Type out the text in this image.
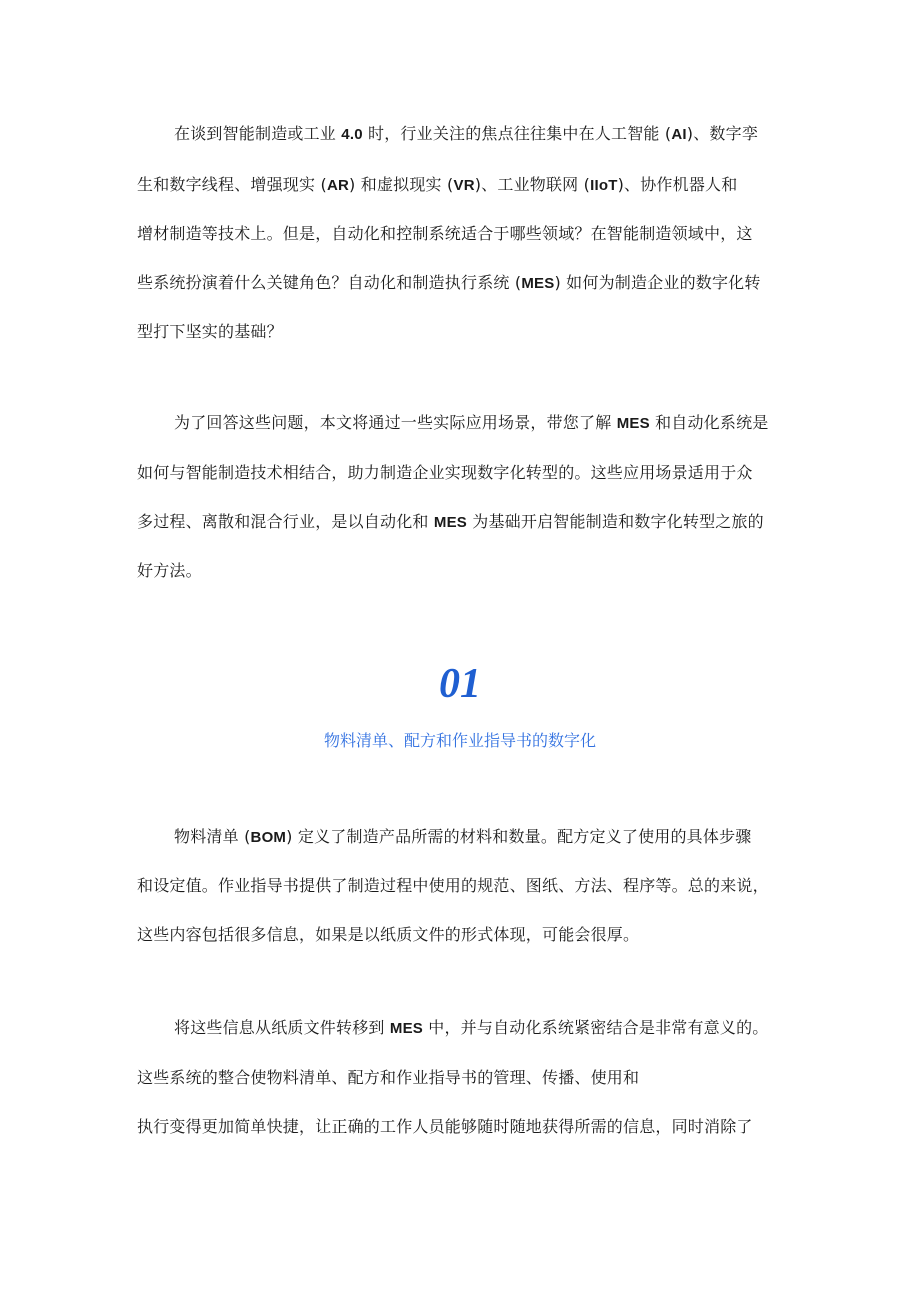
在谈到智能制造或工业 4.0 时，行业关注的焦点往往集中在人工智能 (AI)、数字孪
生和数字线程、增强现实 (AR) 和虚拟现实 (VR)、工业物联网 (IIoT)、协作机器人和
增材制造等技术上。但是，自动化和控制系统适合于哪些领域？在智能制造领域中，这
些系统扮演着什么关键角色？自动化和制造执行系统 (MES) 如何为制造企业的数字化转
型打下坚实的基础？
为了回答这些问题，本文将通过一些实际应用场景，带您了解 MES 和自动化系统是
如何与智能制造技术相结合，助力制造企业实现数字化转型的。这些应用场景适用于众
多过程、离散和混合行业，是以自动化和 MES 为基础开启智能制造和数字化转型之旅的
好方法。
01
物料清单、配方和作业指导书的数字化
物料清单 (BOM) 定义了制造产品所需的材料和数量。配方定义了使用的具体步骤
和设定值。作业指导书提供了制造过程中使用的规范、图纸、方法、程序等。总的来说，
这些内容包括很多信息，如果是以纸质文件的形式体现，可能会很厚。
将这些信息从纸质文件转移到 MES 中，并与自动化系统紧密结合是非常有意义的。
这些系统的整合使物料清单、配方和作业指导书的管理、传播、使用和
执行变得更加简单快捷，让正确的工作人员能够随时随地获得所需的信息，同时消除了
